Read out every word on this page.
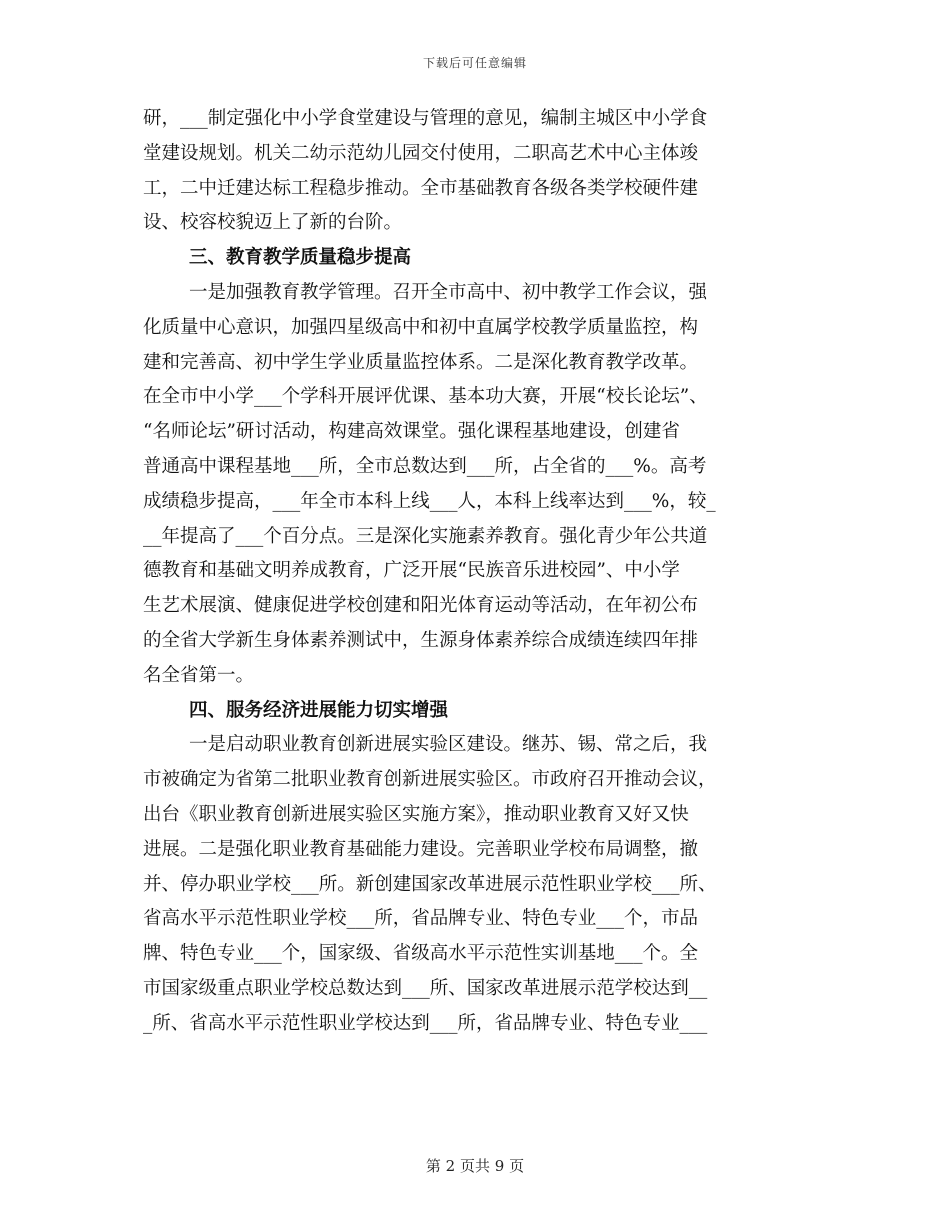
下载后可任意编辑
研，___制定强化中小学食堂建设与管理的意见，编制主城区中小学食
堂建设规划。机关二幼示范幼儿园交付使用，二职高艺术中心主体竣
工，二中迁建达标工程稳步推动。全市基础教育各级各类学校硬件建
设、校容校貌迈上了新的台阶。
三、教育教学质量稳步提高
一是加强教育教学管理。召开全市高中、初中教学工作会议，强
化质量中心意识，加强四星级高中和初中直属学校教学质量监控，构
建和完善高、初中学生学业质量监控体系。二是深化教育教学改革。
在全市中小学___个学科开展评优课、基本功大赛，开展“校长论坛”、
“名师论坛”研讨活动，构建高效课堂。强化课程基地建设，创建省
普通高中课程基地___所，全市总数达到___所，占全省的___%。高考
成绩稳步提高，___年全市本科上线___人，本科上线率达到___%，较_
__年提高了___个百分点。三是深化实施素养教育。强化青少年公共道
德教育和基础文明养成教育，广泛开展“民族音乐进校园”、中小学
生艺术展演、健康促进学校创建和阳光体育运动等活动，在年初公布
的全省大学新生身体素养测试中，生源身体素养综合成绩连续四年排
名全省第一。
四、服务经济进展能力切实增强
一是启动职业教育创新进展实验区建设。继苏、锡、常之后，我
市被确定为省第二批职业教育创新进展实验区。市政府召开推动会议，
出台《职业教育创新进展实验区实施方案》，推动职业教育又好又快
进展。二是强化职业教育基础能力建设。完善职业学校布局调整，撤
并、停办职业学校___所。新创建国家改革进展示范性职业学校___所、
省高水平示范性职业学校___所，省品牌专业、特色专业___个，市品
牌、特色专业___个，国家级、省级高水平示范性实训基地___个。全
市国家级重点职业学校总数达到___所、国家改革进展示范学校达到__
_所、省高水平示范性职业学校达到___所，省品牌专业、特色专业___
第 2 页共 9 页
